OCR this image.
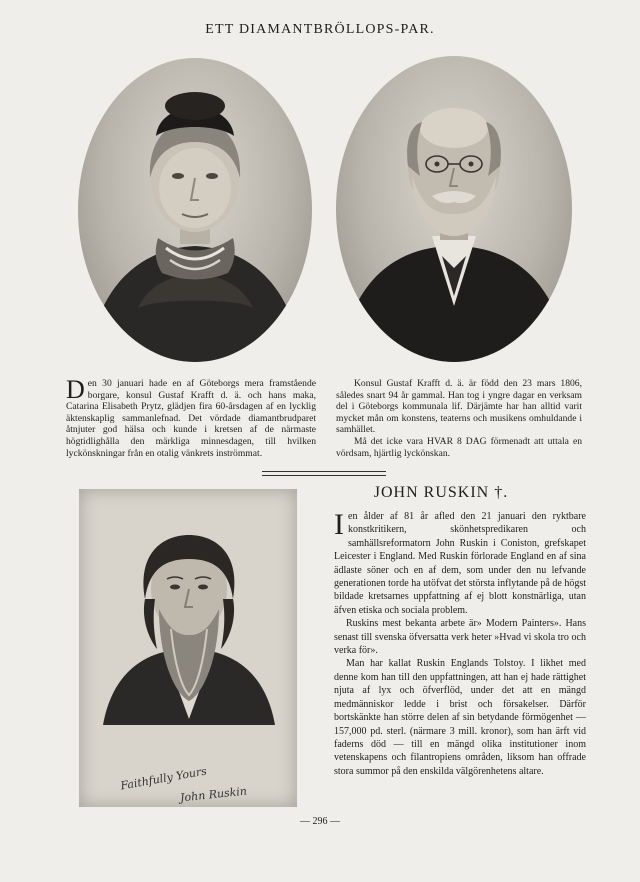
ETT DIAMANTBRÖLLOPS-PAR.

Den 30 januari hade en af Göteborgs mera framstående borgare, konsul Gustaf Krafft d. ä. och hans maka, Catarina Elisabeth Prytz, glädjen fira 60-årsdagen af en lycklig äktenskaplig sammanlefnad. Det vördade diamantbrudparet åtnjuter god hälsa och kunde i kretsen af de närmaste högtidlighålla den märkliga minnesdagen, till hvilken lyckönskningar från en otalig vänkrets inströmmat.

Konsul Gustaf Krafft d. ä. är född den 23 mars 1806, således snart 94 år gammal. Han tog i yngre dagar en verksam del i Göteborgs kommunala lif. Därjämte har han alltid varit mycket mån om konstens, teaterns och musikens omhuldande i samhället.

Må det icke vara HVAR 8 DAG förmenadt att uttala en vördsam, hjärtlig lyckönskan.

Faithfully Yours
John Ruskin
JOHN RUSKIN †.

Ien ålder af 81 år afled den 21 januari den ryktbare konstkritikern, skönhetspredikaren och samhällsreformatorn John Ruskin i Coniston, grefskapet Leicester i England. Med Ruskin förlorade England en af sina ädlaste söner och en af dem, som under den nu lefvande generationen torde ha utöfvat det största inflytande på de högst bildade kretsarnes uppfattning af ej blott konstnärliga, utan äfven etiska och sociala problem.

Ruskins mest bekanta arbete är» Modern Painters». Hans senast till svenska öfversatta verk heter »Hvad vi skola tro och verka för».

Man har kallat Ruskin Englands Tolstoy. I likhet med denne kom han till den uppfattningen, att han ej hade rättighet njuta af lyx och öfverflöd, under det att en mängd medmänniskor ledde i brist och försakelser. Därför bortskänkte han större delen af sin betydande förmögenhet — 157,000 pd. sterl. (närmare 3 mill. kronor), som han ärft vid faderns död — till en mängd olika institutioner inom vetenskapens och filantropiens områden, liksom han offrade stora summor på den enskilda välgörenhetens altare.

— 296 —
